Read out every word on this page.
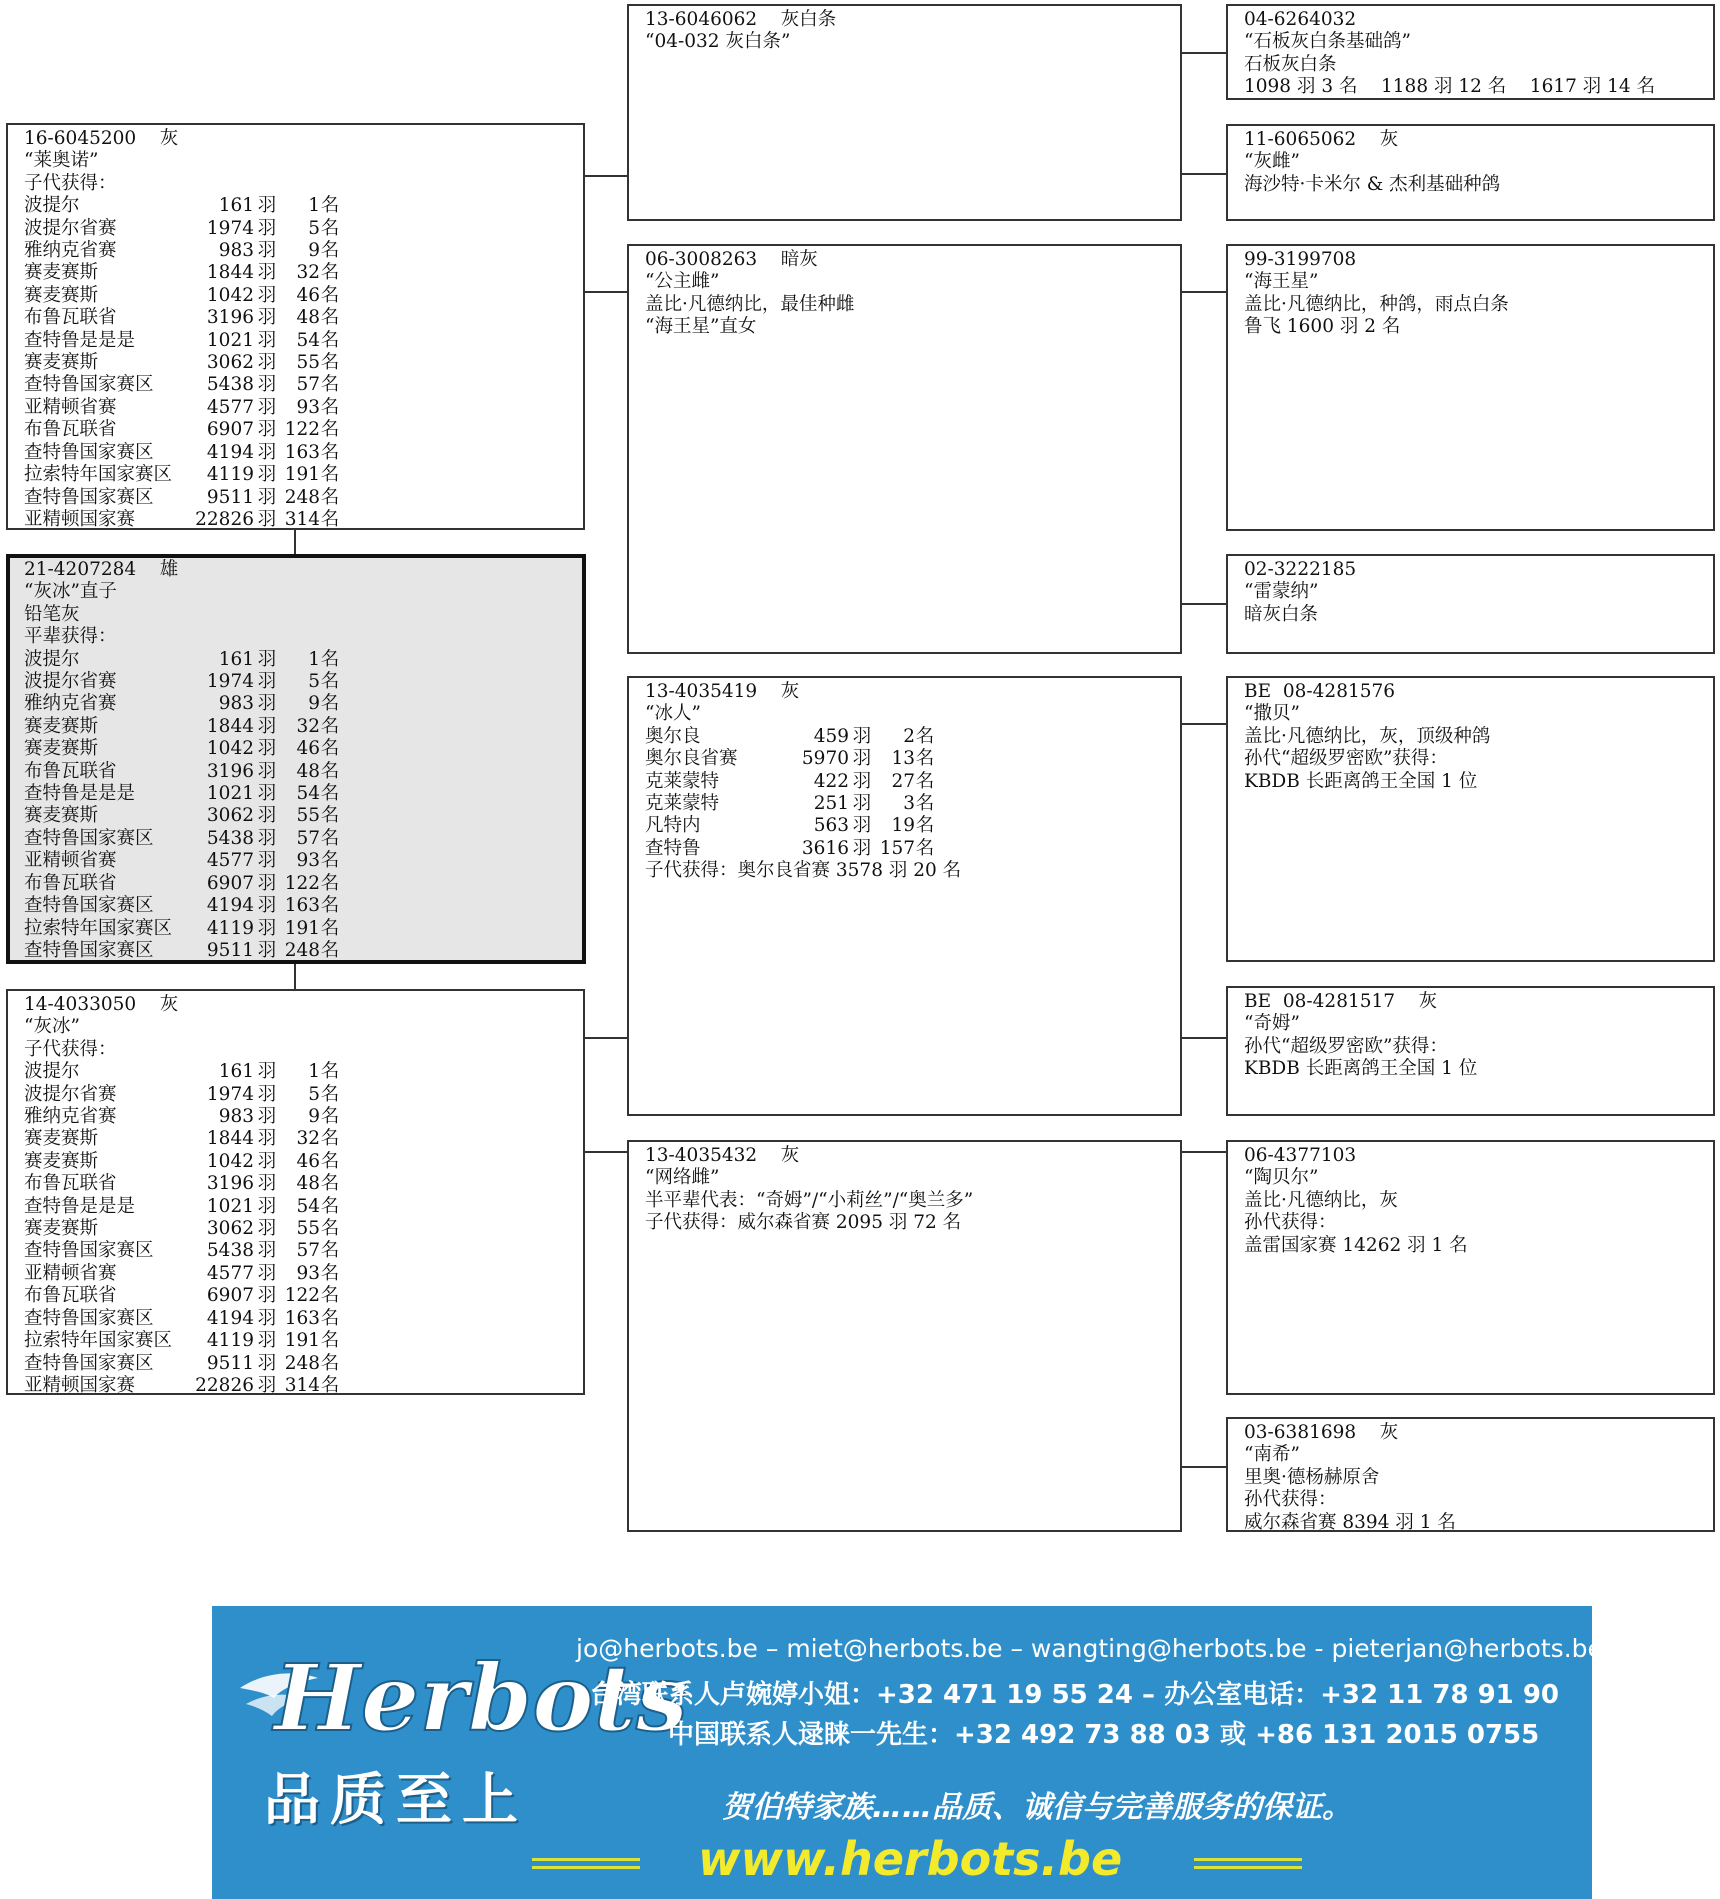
16-6045200    灰
“莱奥诺”
子代获得：
波提尔	161 羽	1 名
波提尔省赛	1974 羽	5 名
雅纳克省赛	983 羽	9 名
赛麦赛斯	1844 羽	32 名
赛麦赛斯	1042 羽	46 名
布鲁瓦联省	3196 羽	48 名
查特鲁是是是	1021 羽	54 名
赛麦赛斯	3062 羽	55 名
查特鲁国家赛区	5438 羽	57 名
亚精顿省赛	4577 羽	93 名
布鲁瓦联省	6907 羽 122 名
查特鲁国家赛区	4194 羽 163 名
拉索特年国家赛区	4119 羽 191 名
查特鲁国家赛区	9511 羽 248 名
亚精顿国家赛	22826 羽 314 名
21-4207284    雄
“灰冰”直子
铅笔灰
平辈获得：
波提尔	161 羽	1 名
波提尔省赛	1974 羽	5 名
雅纳克省赛	983 羽	9 名
赛麦赛斯	1844 羽	32 名
赛麦赛斯	1042 羽	46 名
布鲁瓦联省	3196 羽	48 名
查特鲁是是是	1021 羽	54 名
赛麦赛斯	3062 羽	55 名
查特鲁国家赛区	5438 羽	57 名
亚精顿省赛	4577 羽	93 名
布鲁瓦联省	6907 羽 122 名
查特鲁国家赛区	4194 羽 163 名
拉索特年国家赛区	4119 羽 191 名
查特鲁国家赛区	9511 羽 248 名
14-4033050    灰
“灰冰”
子代获得：
波提尔	161 羽	1 名
波提尔省赛	1974 羽	5 名
雅纳克省赛	983 羽	9 名
赛麦赛斯	1844 羽	32 名
赛麦赛斯	1042 羽	46 名
布鲁瓦联省	3196 羽	48 名
查特鲁是是是	1021 羽	54 名
赛麦赛斯	3062 羽	55 名
查特鲁国家赛区	5438 羽	57 名
亚精顿省赛	4577 羽	93 名
布鲁瓦联省	6907 羽 122 名
查特鲁国家赛区	4194 羽 163 名
拉索特年国家赛区	4119 羽 191 名
查特鲁国家赛区	9511 羽 248 名
亚精顿国家赛	22826 羽 314 名
13-6046062    灰白条
“04-032 灰白条”
06-3008263    暗灰
“公主雌”
盖比·凡德纳比，最佳种雌
“海王星”直女
13-4035419    灰
“冰人”
奥尔良	459 羽	2 名
奥尔良省赛	5970 羽	13 名
克莱蒙特	422 羽	27 名
克莱蒙特	251 羽	3 名
凡特内	563 羽	19 名
查特鲁	3616 羽 157 名
子代获得：奥尔良省赛 3578 羽 20 名
13-4035432    灰
“网络雌”
半平辈代表：“奇姆”/“小莉丝”/“奥兰多”
子代获得：威尔森省赛 2095 羽 72 名
04-6264032
“石板灰白条基础鸽”
石板灰白条
1098 羽 3 名    1188 羽 12 名    1617 羽 14 名
11-6065062    灰
“灰雌”
海沙特·卡米尔 & 杰利基础种鸽
99-3199708
“海王星”
盖比·凡德纳比，种鸽，雨点白条
鲁飞 1600 羽 2 名
02-3222185
“雷蒙纳”
暗灰白条
BE  08-4281576
“撒贝”
盖比·凡德纳比，灰，顶级种鸽
孙代“超级罗密欧”获得：
KBDB 长距离鸽王全国 1 位
BE  08-4281517    灰
“奇姆”
孙代“超级罗密欧”获得：
KBDB 长距离鸽王全国 1 位
06-4377103
“陶贝尔”
盖比·凡德纳比，灰
孙代获得：
盖雷国家赛 14262 羽 1 名
03-6381698    灰
“南希”
里奥·德杨赫原舍
孙代获得：
威尔森省赛 8394 羽 1 名
Herbots
品质至上
jo@herbots.be – miet@herbots.be – wangting@herbots.be - pieterjan@herbots.be
台湾联系人卢婉婷小姐：+32 471 19 55 24 – 办公室电话：+32 11 78 91 90
中国联系人逯睐一先生：+32 492 73 88 03 或 +86 131 2015 0755
贺伯特家族……品质、诚信与完善服务的保证。
www.herbots.be
